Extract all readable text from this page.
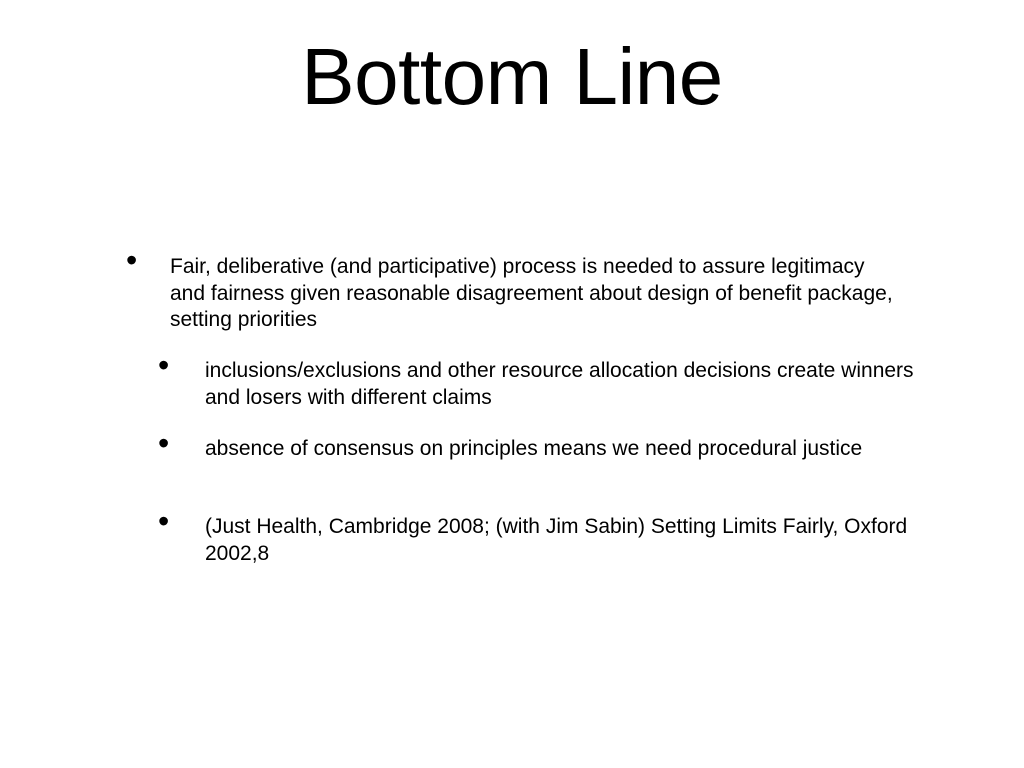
Bottom Line
• Fair, deliberative (and participative) process is needed to assure legitimacy and fairness given reasonable disagreement about design of benefit package, setting priorities
• inclusions/exclusions and other resource allocation decisions create winners and losers with different claims
• absence of consensus on principles means we need procedural justice
• (Just Health, Cambridge 2008; (with Jim Sabin) Setting Limits Fairly, Oxford 2002,8
